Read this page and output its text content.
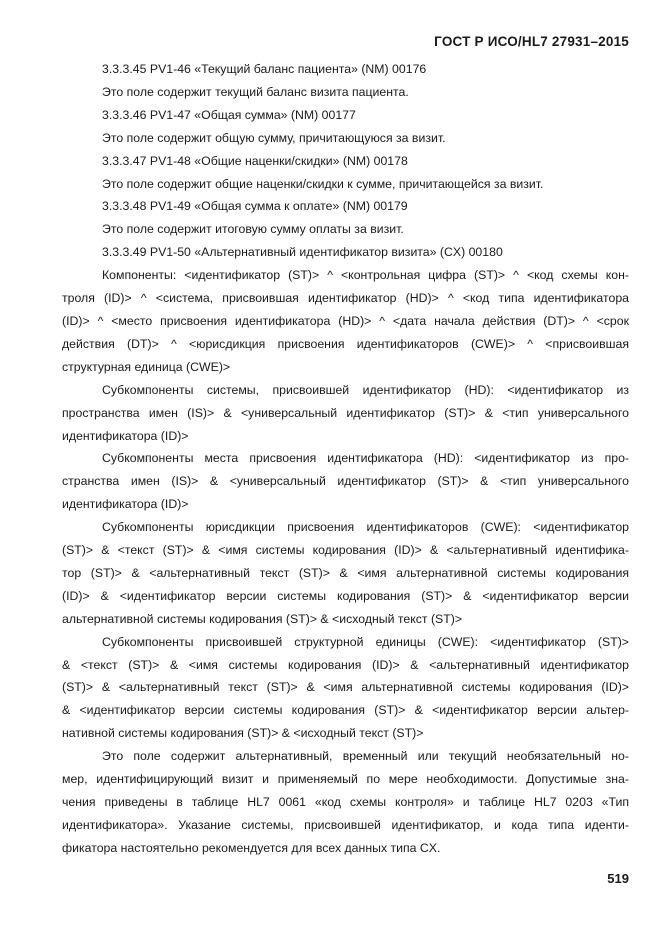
ГОСТ Р ИСО/HL7 27931–2015
3.3.3.45 PV1-46 «Текущий баланс пациента» (NM) 00176
Это поле содержит текущий баланс визита пациента.
3.3.3.46 PV1-47 «Общая сумма» (NM) 00177
Это поле содержит общую сумму, причитающуюся за визит.
3.3.3.47 PV1-48 «Общие наценки/скидки» (NM) 00178
Это поле содержит общие наценки/скидки к сумме, причитающейся за визит.
3.3.3.48 PV1-49 «Общая сумма к оплате» (NM) 00179
Это поле содержит итоговую сумму оплаты за визит.
3.3.3.49 PV1-50 «Альтернативный идентификатор визита» (CX) 00180
Компоненты: <идентификатор (ST)> ^ <контрольная цифра (ST)> ^ <код схемы кон-
троля (ID)> ^ <система, присвоившая идентификатор (HD)> ^ <код типа идентификатора
(ID)> ^ <место присвоения идентификатора (HD)> ^ <дата начала действия (DT)> ^ <срок
действия (DT)> ^ <юрисдикция присвоения идентификаторов (CWE)> ^ <присвоившая
структурная единица (CWE)>
Субкомпоненты системы, присвоившей идентификатор (HD): <идентификатор из
пространства имен (IS)> & <универсальный идентификатор (ST)> & <тип универсального
идентификатора (ID)>
Субкомпоненты места присвоения идентификатора (HD): <идентификатор из про-
странства имен (IS)> & <универсальный идентификатор (ST)> & <тип универсального
идентификатора (ID)>
Субкомпоненты юрисдикции присвоения идентификаторов (CWE): <идентификатор
(ST)> & <текст (ST)> & <имя системы кодирования (ID)> & <альтернативный идентифика-
тор (ST)> & <альтернативный текст (ST)> & <имя альтернативной системы кодирования
(ID)> & <идентификатор версии системы кодирования (ST)> & <идентификатор версии
альтернативной системы кодирования (ST)> & <исходный текст (ST)>
Субкомпоненты присвоившей структурной единицы (CWE): <идентификатор (ST)>
& <текст (ST)> & <имя системы кодирования (ID)> & <альтернативный идентификатор
(ST)> & <альтернативный текст (ST)> & <имя альтернативной системы кодирования (ID)>
& <идентификатор версии системы кодирования (ST)> & <идентификатор версии альтер-
нативной системы кодирования (ST)> & <исходный текст (ST)>
Это поле содержит альтернативный, временный или текущий необязательный но-
мер, идентифицирующий визит и применяемый по мере необходимости. Допустимые зна-
чения приведены в таблице HL7 0061 «код схемы контроля» и таблице HL7 0203 «Тип
идентификатора». Указание системы, присвоившей идентификатор, и кода типа иденти-
фикатора настоятельно рекомендуется для всех данных типа CX.
519
